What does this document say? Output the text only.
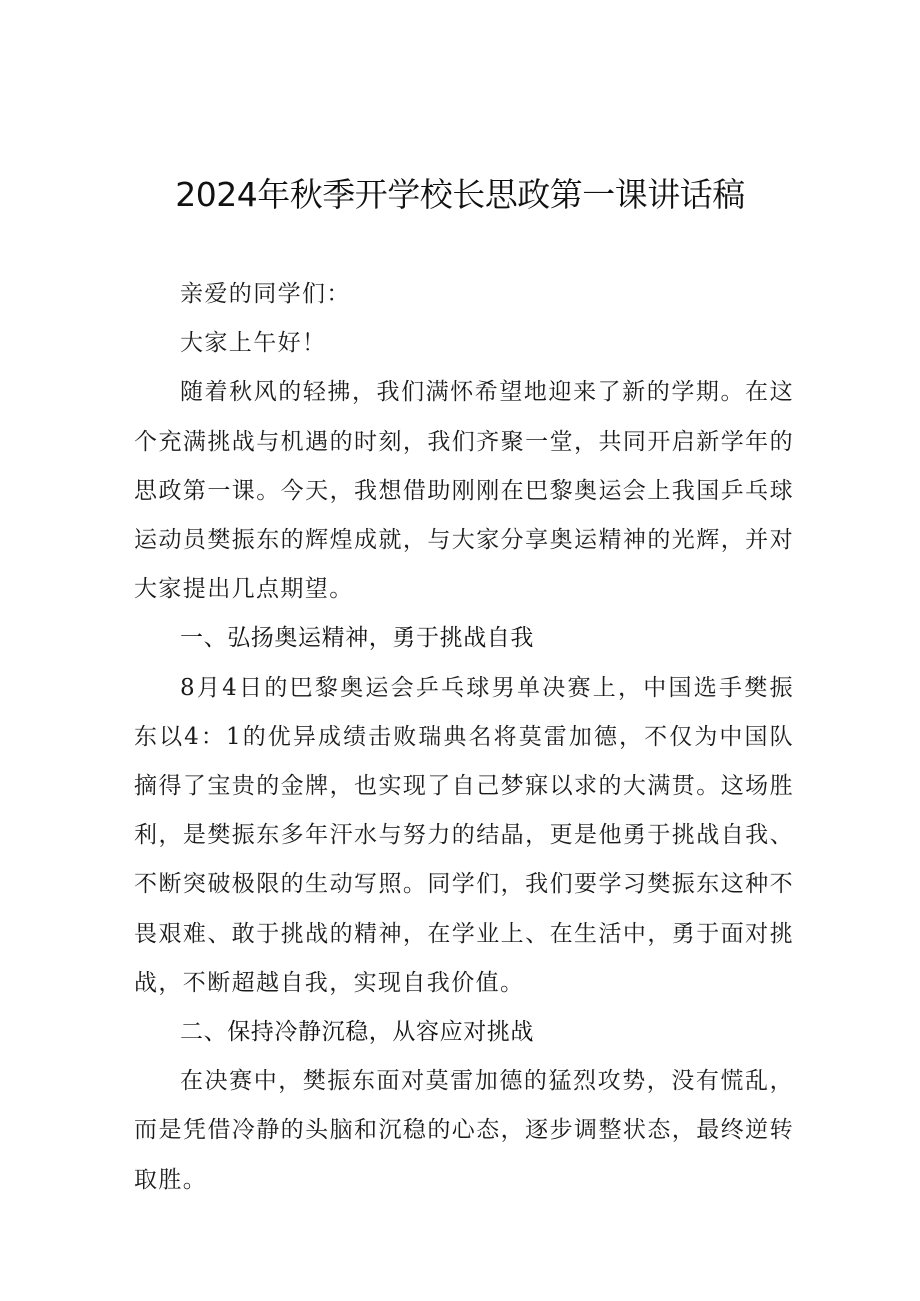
2024年秋季开学校长思政第一课讲话稿

亲爱的同学们：

大家上午好！

随着秋风的轻拂，我们满怀希望地迎来了新的学期。在这个充满挑战与机遇的时刻，我们齐聚一堂，共同开启新学年的思政第一课。今天，我想借助刚刚在巴黎奥运会上我国乒乓球运动员樊振东的辉煌成就，与大家分享奥运精神的光辉，并对大家提出几点期望。

一、弘扬奥运精神，勇于挑战自我

8月4日的巴黎奥运会乒乓球男单决赛上，中国选手樊振东以4：1的优异成绩击败瑞典名将莫雷加德，不仅为中国队摘得了宝贵的金牌，也实现了自己梦寐以求的大满贯。这场胜利，是樊振东多年汗水与努力的结晶，更是他勇于挑战自我、不断突破极限的生动写照。同学们，我们要学习樊振东这种不畏艰难、敢于挑战的精神，在学业上、在生活中，勇于面对挑战，不断超越自我，实现自我价值。

二、保持冷静沉稳，从容应对挑战

在决赛中，樊振东面对莫雷加德的猛烈攻势，没有慌乱，而是凭借冷静的头脑和沉稳的心态，逐步调整状态，最终逆转取胜。
